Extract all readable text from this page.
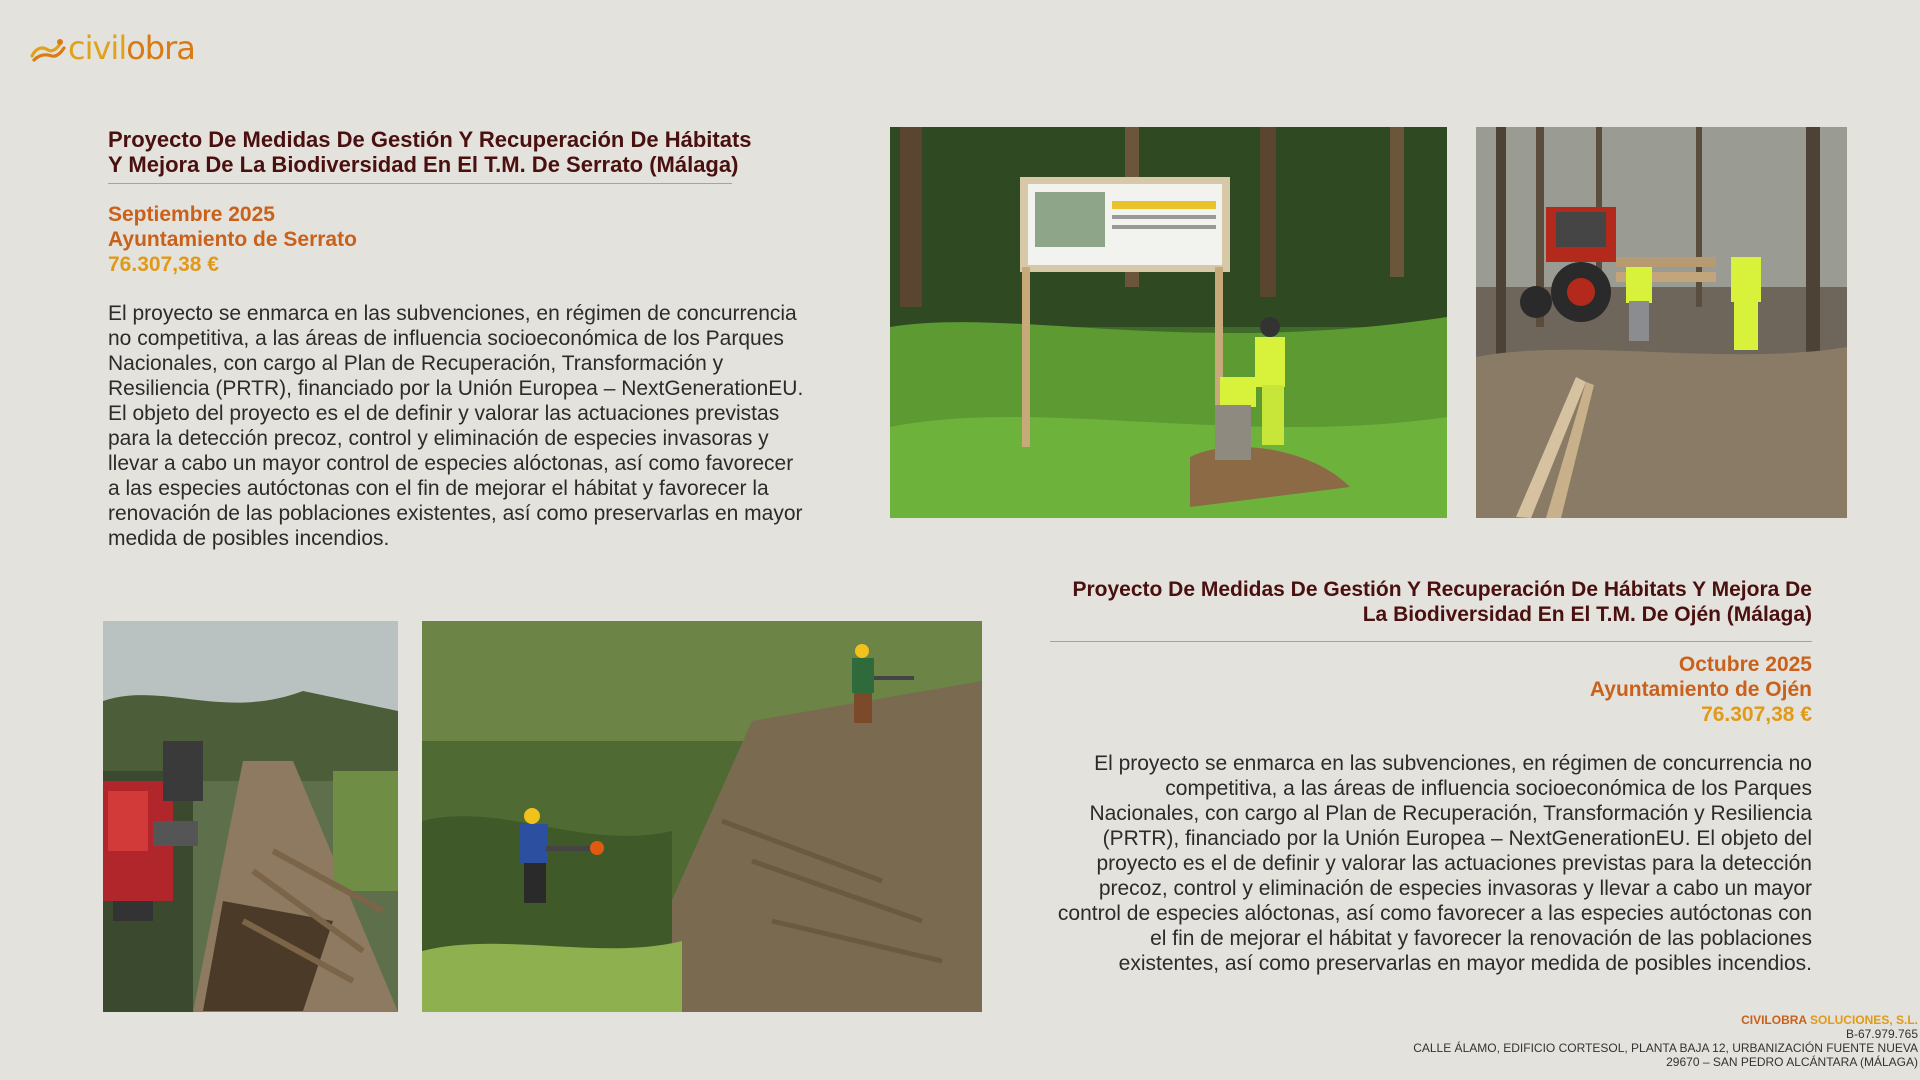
civil obra
Proyecto De Medidas De Gestión Y Recuperación De Hábitats Y Mejora De La Biodiversidad En El T.M. De Serrato (Málaga)
Septiembre 2025
Ayuntamiento de Serrato
76.307,38 €

El proyecto se enmarca en las subvenciones, en régimen de concurrencia no competitiva, a las áreas de influencia socioeconómica de los Parques Nacionales, con cargo al Plan de Recuperación, Transformación y Resiliencia (PRTR), financiado por la Unión Europea – NextGenerationEU. El objeto del proyecto es el de definir y valorar las actuaciones previstas para la detección precoz, control y eliminación de especies invasoras y llevar a cabo un mayor control de especies alóctonas, así como favorecer a las especies autóctonas con el fin de mejorar el hábitat y favorecer la renovación de las poblaciones existentes, así como preservarlas en mayor medida de posibles incendios.

Proyecto De Medidas De Gestión Y Recuperación De Hábitats Y Mejora De La Biodiversidad En El T.M. De Ojén (Málaga)
Octubre 2025
Ayuntamiento de Ojén
76.307,38 €

El proyecto se enmarca en las subvenciones, en régimen de concurrencia no competitiva, a las áreas de influencia socioeconómica de los Parques Nacionales, con cargo al Plan de Recuperación, Transformación y Resiliencia (PRTR), financiado por la Unión Europea – NextGenerationEU. El objeto del proyecto es el de definir y valorar las actuaciones previstas para la detección precoz, control y eliminación de especies invasoras y llevar a cabo un mayor control de especies alóctonas, así como favorecer a las especies autóctonas con el fin de mejorar el hábitat y favorecer la renovación de las poblaciones existentes, así como preservarlas en mayor medida de posibles incendios.

CIVILOBRA SOLUCIONES, S.L.
B-67.979.765
CALLE ÁLAMO, EDIFICIO CORTESOL, PLANTA BAJA 12, URBANIZACIÓN FUENTE NUEVA
29670 – SAN PEDRO ALCÁNTARA (MÁLAGA)
